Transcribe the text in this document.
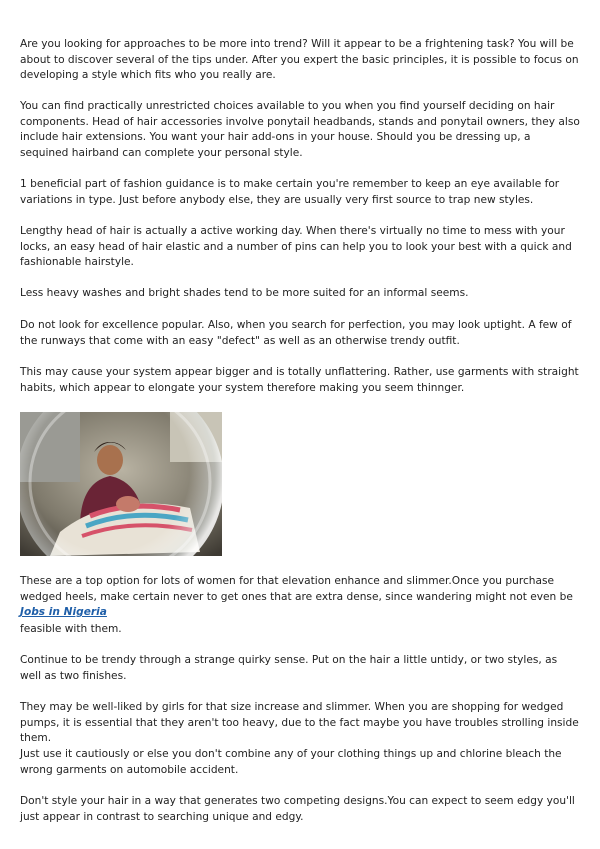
Are you looking for approaches to be more into trend? Will it appear to be a frightening task? You will be about to discover several of the tips under. After you expert the basic principles, it is possible to focus on developing a style which fits who you really are.

You can find practically unrestricted choices available to you when you find yourself deciding on hair components. Head of hair accessories involve ponytail headbands, stands and ponytail owners, they also include hair extensions. You want your hair add-ons in your house. Should you be dressing up, a sequined hairband can complete your personal style.

1 beneficial part of fashion guidance is to make certain you're remember to keep an eye available for variations in type. Just before anybody else, they are usually very first source to trap new styles.

Lengthy head of hair is actually a active working day. When there's virtually no time to mess with your locks, an easy head of hair elastic and a number of pins can help you to look your best with a quick and fashionable hairstyle.

Less heavy washes and bright shades tend to be more suited for an informal seems.

Do not look for excellence popular. Also, when you search for perfection, you may look uptight. A few of the runways that come with an easy "defect" as well as an otherwise trendy outfit.

This may cause your system appear bigger and is totally unflattering. Rather, use garments with straight habits, which appear to elongate your system therefore making you seem thinnger.

These are a top option for lots of women for that elevation enhance and slimmer.Once you purchase wedged heels, make certain never to get ones that are extra dense, since wandering might not even be Jobs in Nigeria

feasible with them.

Continue to be trendy through a strange quirky sense. Put on the hair a little untidy, or two styles, as well as two finishes.

They may be well-liked by girls for that size increase and slimmer. When you are shopping for wedged pumps, it is essential that they aren't too heavy, due to the fact maybe you have troubles strolling inside them.

Just use it cautiously or else you don't combine any of your clothing things up and chlorine bleach the wrong garments on automobile accident.

Don't style your hair in a way that generates two competing designs.You can expect to seem edgy you'll just appear in contrast to searching unique and edgy.
